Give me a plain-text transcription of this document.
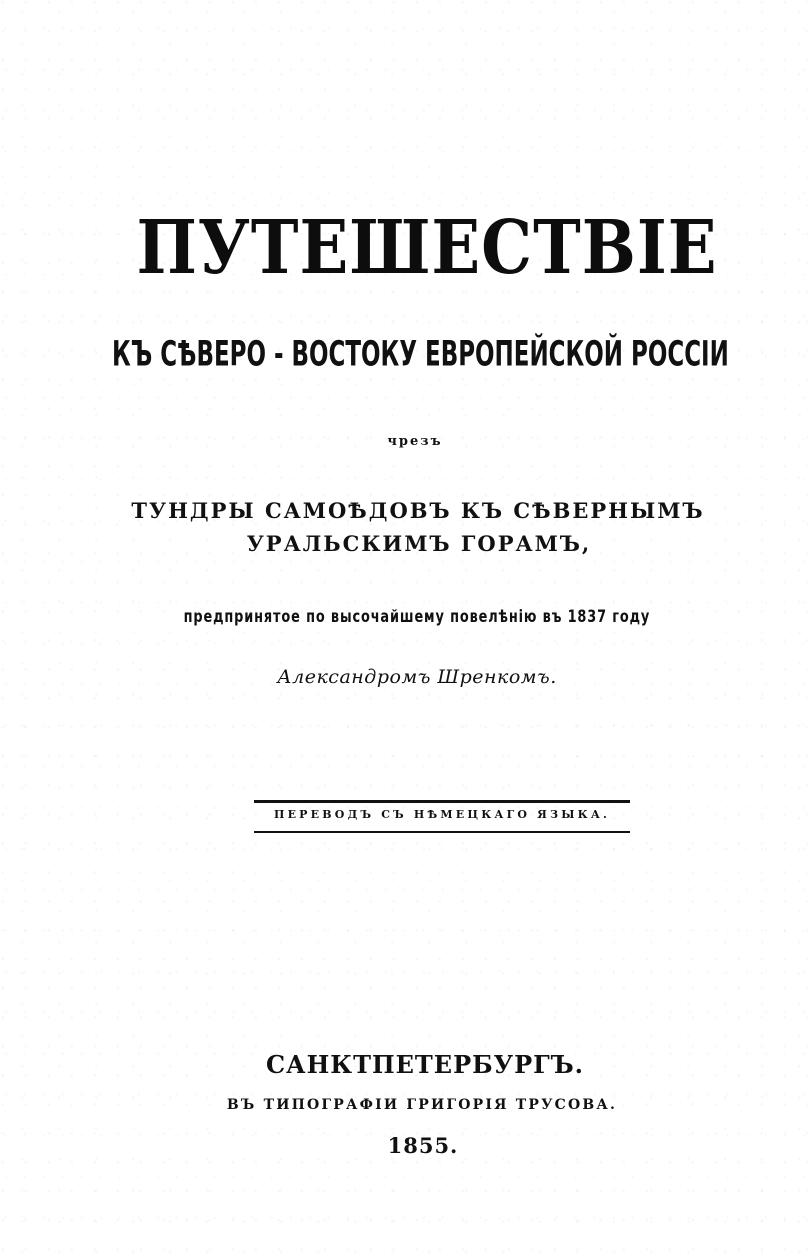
ПУТЕШЕСТВІЕ
КЪ СѢВЕРО - ВОСТОКУ ЕВРОПЕЙСКОЙ РОССІИ
чрезъ
ТУНДРЫ САМОѢДОВЪ КЪ СѢВЕРНЫМЪ
УРАЛЬСКИМЪ ГОРАМЪ,
предпринятое по высочайшему повелѣнію въ 1837 году
Александромъ Шренкомъ.
ПЕРЕВОДЪ СЪ НѢМЕЦКАГО ЯЗЫКА.
САНКТПЕТЕРБУРГЪ.
ВЪ ТИПОГРАФІИ ГРИГОРІЯ ТРУСОВА.
1855.
